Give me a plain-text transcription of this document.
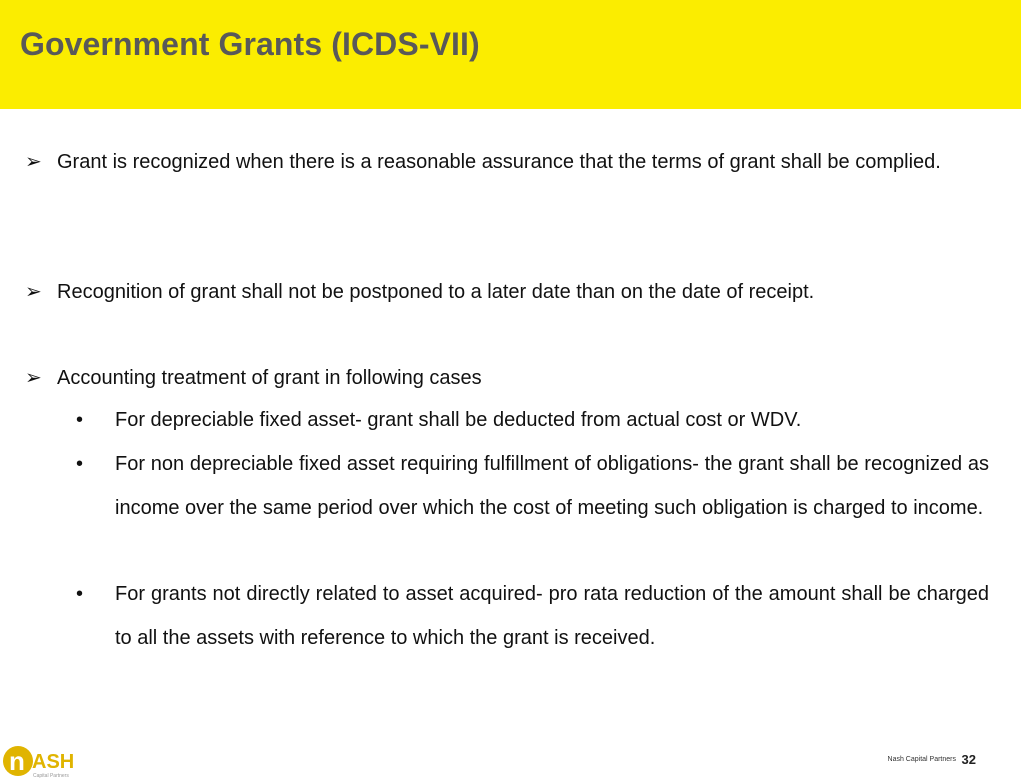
Government Grants (ICDS-VII)
➢ Grant is recognized when there is a reasonable assurance that the terms of grant shall be complied.
➢ Recognition of grant shall not be postponed to a later date than on the date of receipt.
➢ Accounting treatment of grant in following cases
• For depreciable fixed asset- grant shall be deducted from actual cost or WDV.
• For non depreciable fixed asset requiring fulfillment of obligations- the grant shall be recognized as income over the same period over which the cost of meeting such obligation is charged to income.
• For grants not directly related to asset acquired- pro rata reduction of the amount shall be charged to all the assets with reference to which the grant is received.
n ASH
Capital Partners
Nash Capital Partners 32
